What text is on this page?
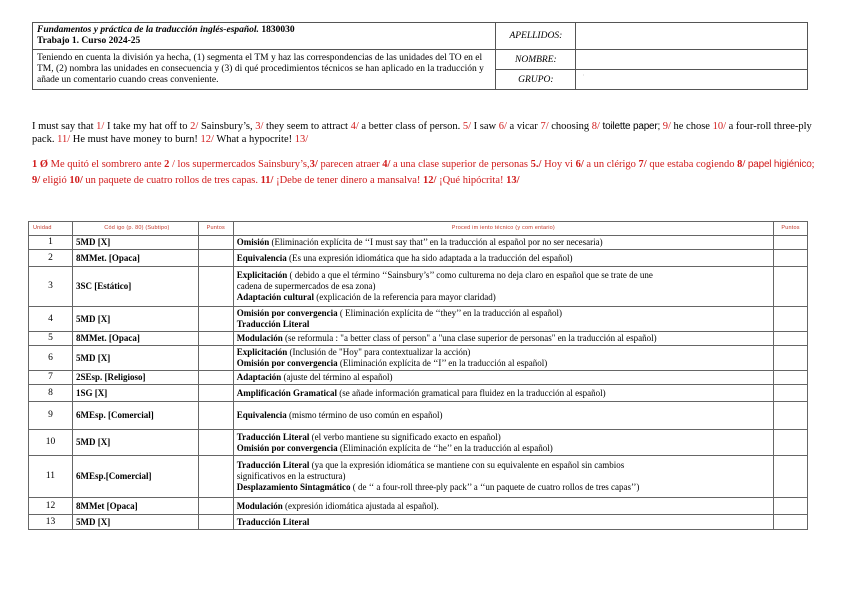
Fundamentos y práctica de la traducción inglés-español. 1830030
Trabajo 1. Curso 2024-25	APELLIDOS:	
Teniendo en cuenta la división ya hecha, (1) segmenta el TM y haz las correspondencias de las unidades del TO en el TM, (2) nombra las unidades en consecuencia y (3) di qué procedimientos técnicos se han aplicado en la traducción y añade un comentario cuando creas conveniente.	NOMBRE:	
	GRUPO:	$^ˈ$

I must say that 1/ I take my hat off to 2/ Sainsbury’s, 3/ they seem to attract 4/ a better class of person. 5/ I saw 6/ a vicar 7/ choosing 8/ toilette paper; 9/ he chose 10/ a four-roll three-ply pack. 11/ He must have money to burn! 12/ What a hypocrite! 13/

1 Ø Me quitó el sombrero ante 2 / los supermercados Sainsbury’s,3/ parecen atraer 4/ a una clase superior de personas 5./ Hoy vi 6/ a un clérigo 7/ que estaba cogiendo 8/ papel higiénico; 9/ eligió 10/ un paquete de cuatro rollos de tres capas. 11/ ¡Debe de tener dinero a mansalva! 12/ ¡Qué hipócrita! 13/

Unidad	Cód igo (p. 80) (Subtipo)	Puntos	Proced im iento técnico (y com entario)	Puntos
1	5MD [X]		Omisión (Eliminación explícita de ‘‘I must say that’’ en la traducción al español por no ser necesaria)	

2	8MMet. [Opaca]		Equivalencia (Es una expresión idiomática que ha sido adaptada a la traducción del español)	

3	3SC [Estático]		Explicitación ( debido a que el término ‘‘Sainsbury’s’’ como culturema no deja claro en español que se trate de une
cadena de supermercados de esa zona)
Adaptación cultural (explicación de la referencia para mayor claridad)	

4	5MD [X]		Omisión por convergencia ( Eliminación explícita de ‘‘they’’ en la traducción al español)
Traducción Literal	

5	8MMet. [Opaca]		Modulación (se reformula : "a better class of person" a "una clase superior de personas" en la traducción al español)	

6	5MD [X]		Explicitación (Inclusión de "Hoy" para contextualizar la acción)
Omisión por convergencia (Eliminación explícita de ‘‘I’’ en la traducción al español)	

7	2SEsp. [Religioso]		Adaptación (ajuste del término al español)	

8	1SG [X]		Amplificación Gramatical (se añade información gramatical para fluidez en la traducción al español)	

9	6MEsp. [Comercial]		Equivalencia (mismo término de uso común en español)	

10	5MD [X]		Traducción Literal (el verbo mantiene su significado exacto en español)
Omisión por convergencia (Eliminación explícita de ‘‘he’’ en la traducción al español)	

11	6MEsp.[Comercial]		Traducción Literal (ya que la expresión idiomática se mantiene con su equivalente en español sin cambios
significativos en la estructura)
Desplazamiento Sintagmático ( de ‘‘ a four-roll three-ply pack’’ a ‘‘un paquete de cuatro rollos de tres capas’’)	

12	8MMet [Opaca]		Modulación (expresión idiomática ajustada al español).	

13	5MD [X]		Traducción Literal	
